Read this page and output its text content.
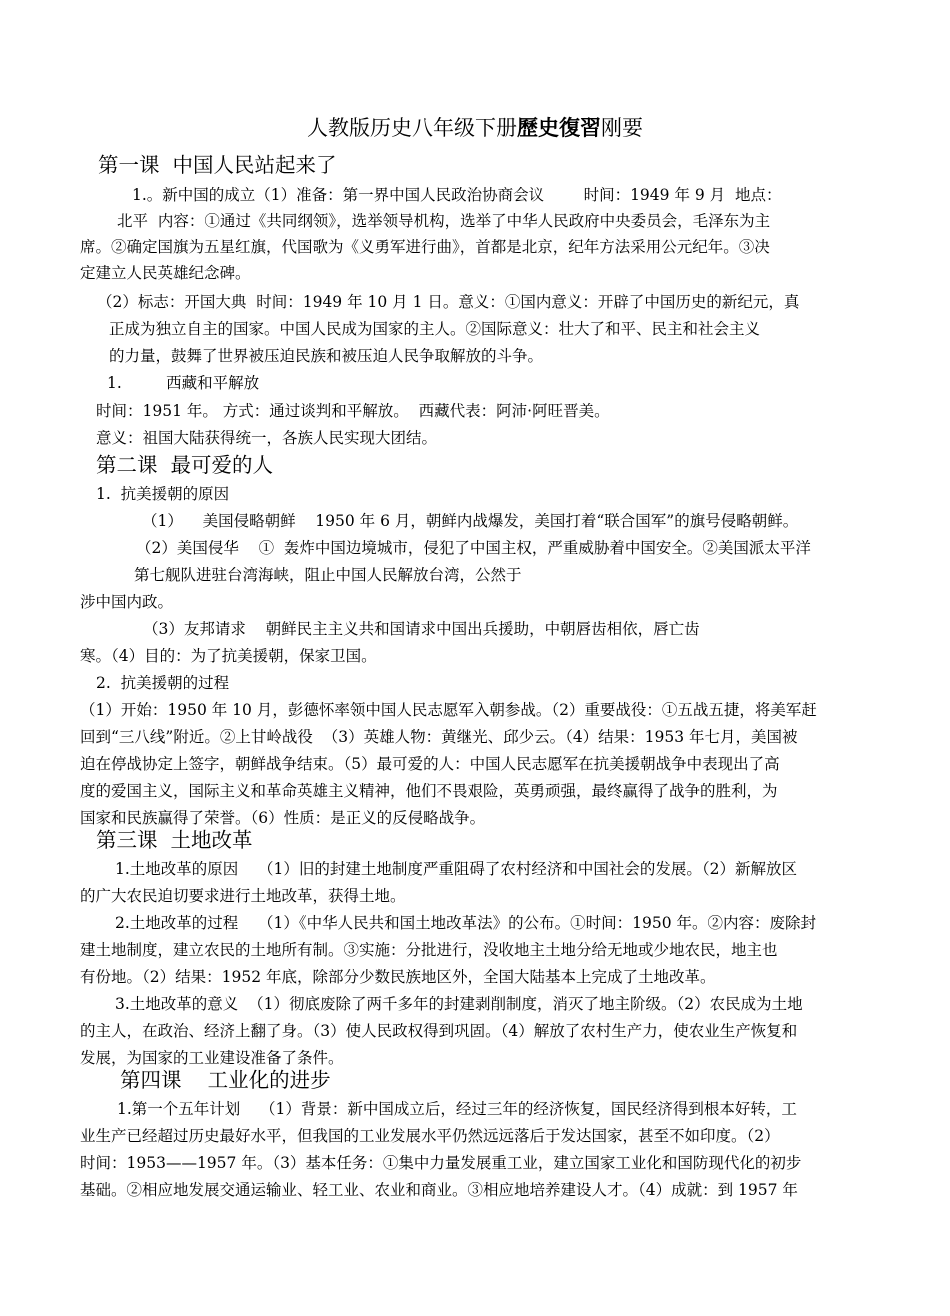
人教版历史八年级下册歷史復習刚要
第一课  中国人民站起来了
1.。新中国的成立（1）准备：第一界中国人民政治协商会议        时间：1949 年 9 月  地点：
北平  内容：①通过《共同纲领》，选举领导机构，选举了中华人民政府中央委员会，毛泽东为主
席。②确定国旗为五星红旗，代国歌为《义勇军进行曲》，首都是北京，纪年方法采用公元纪年。③决
定建立人民英雄纪念碑。
（2）标志：开国大典  时间：1949 年 10 月 1 日。意义：①国内意义：开辟了中国历史的新纪元，真
正成为独立自主的国家。中国人民成为国家的主人。②国际意义：壮大了和平、民主和社会主义
的力量，鼓舞了世界被压迫民族和被压迫人民争取解放的斗争。
1.         西藏和平解放
时间：1951 年。 方式：通过谈判和平解放。  西藏代表：阿沛·阿旺晋美。
意义：祖国大陆获得统一，各族人民实现大团结。
第二课  最可爱的人
1.  抗美援朝的原因
（1）    美国侵略朝鲜    1950 年 6 月，朝鲜内战爆发，美国打着“联合国军”的旗号侵略朝鲜。
（2）美国侵华    ①  轰炸中国边境城市，侵犯了中国主权，严重威胁着中国安全。②美国派太平洋
第七舰队进驻台湾海峡，阻止中国人民解放台湾，公然于
涉中国内政。
（3）友邦请求    朝鲜民主主义共和国请求中国出兵援助，中朝唇齿相依，唇亡齿
寒。（4）目的：为了抗美援朝，保家卫国。
2.  抗美援朝的过程
（1）开始：1950 年 10 月，彭德怀率领中国人民志愿军入朝参战。（2）重要战役：①五战五捷，将美军赶
回到“三八线”附近。②上甘岭战役  （3）英雄人物：黄继光、邱少云。（4）结果：1953 年七月，美国被
迫在停战协定上签字，朝鲜战争结束。（5）最可爱的人：中国人民志愿军在抗美援朝战争中表现出了高
度的爱国主义，国际主义和革命英雄主义精神，他们不畏艰险，英勇顽强，最终赢得了战争的胜利，为
国家和民族赢得了荣誉。（6）性质：是正义的反侵略战争。
第三课  土地改革
1.土地改革的原因    （1）旧的封建土地制度严重阻碍了农村经济和中国社会的发展。（2）新解放区
的广大农民迫切要求进行土地改革，获得土地。
2.土地改革的过程    （1）《中华人民共和国土地改革法》的公布。①时间：1950 年。②内容：废除封
建土地制度，建立农民的土地所有制。③实施：分批进行，没收地主土地分给无地或少地农民，地主也
有份地。（2）结果：1952 年底，除部分少数民族地区外，全国大陆基本上完成了土地改革。
3.土地改革的意义  （1）彻底废除了两千多年的封建剥削制度，消灭了地主阶级。（2）农民成为土地
的主人，在政治、经济上翻了身。（3）使人民政权得到巩固。（4）解放了农村生产力，使农业生产恢复和
发展，为国家的工业建设准备了条件。
第四课    工业化的进步
1.第一个五年计划    （1）背景：新中国成立后，经过三年的经济恢复，国民经济得到根本好转，工
业生产已经超过历史最好水平，但我国的工业发展水平仍然远远落后于发达国家，甚至不如印度。（2）
时间：1953——1957 年。（3）基本任务：①集中力量发展重工业，建立国家工业化和国防现代化的初步
基础。②相应地发展交通运输业、轻工业、农业和商业。③相应地培养建设人才。（4）成就：到 1957 年
